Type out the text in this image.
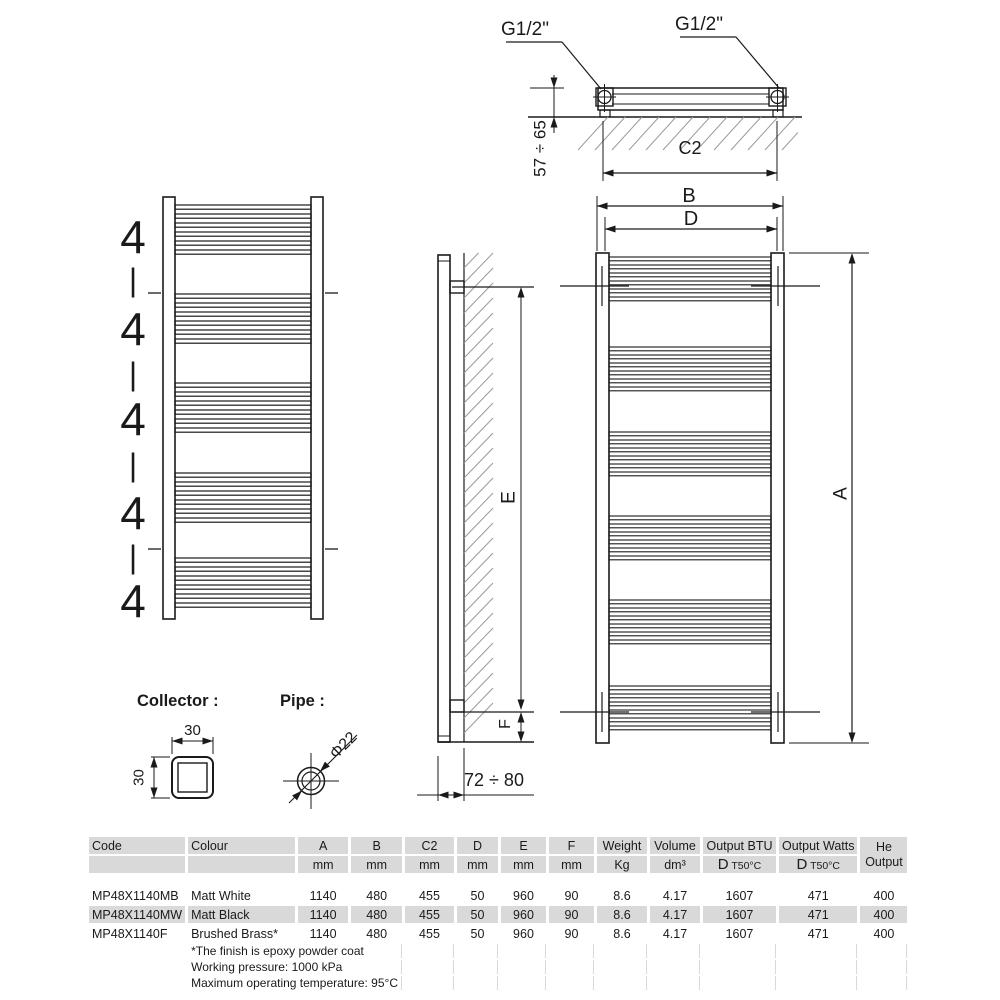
G1/2"	G1/2"
57 ÷ 65	C2
B
D
A
E
F
72 ÷ 80
Collector :	Pipe :
30
30
Φ22
4
|
4
|
4
|
4
|
4
Code	Colour	A	B	C2	D	E	F	Weight	Volume	Output BTU	Output Watts	He
Output

		mm	mm	mm	mm	mm	mm	Kg	dm³	D T50°C	D T50°C	

MP48X1140MB	Matt White	1140	480	455	50	960	90	8.6	4.17	1607	471	400
MP48X1140MW	Matt Black	1140	480	455	50	960	90	8.6	4.17	1607	471	400
MP48X1140F	Brushed Brass*	1140	480	455	50	960	90	8.6	4.17	1607	471	400
	*The finish is epoxy powder coat											
	Working pressure: 1000 kPa											
	Maximum operating temperature: 95°C											
